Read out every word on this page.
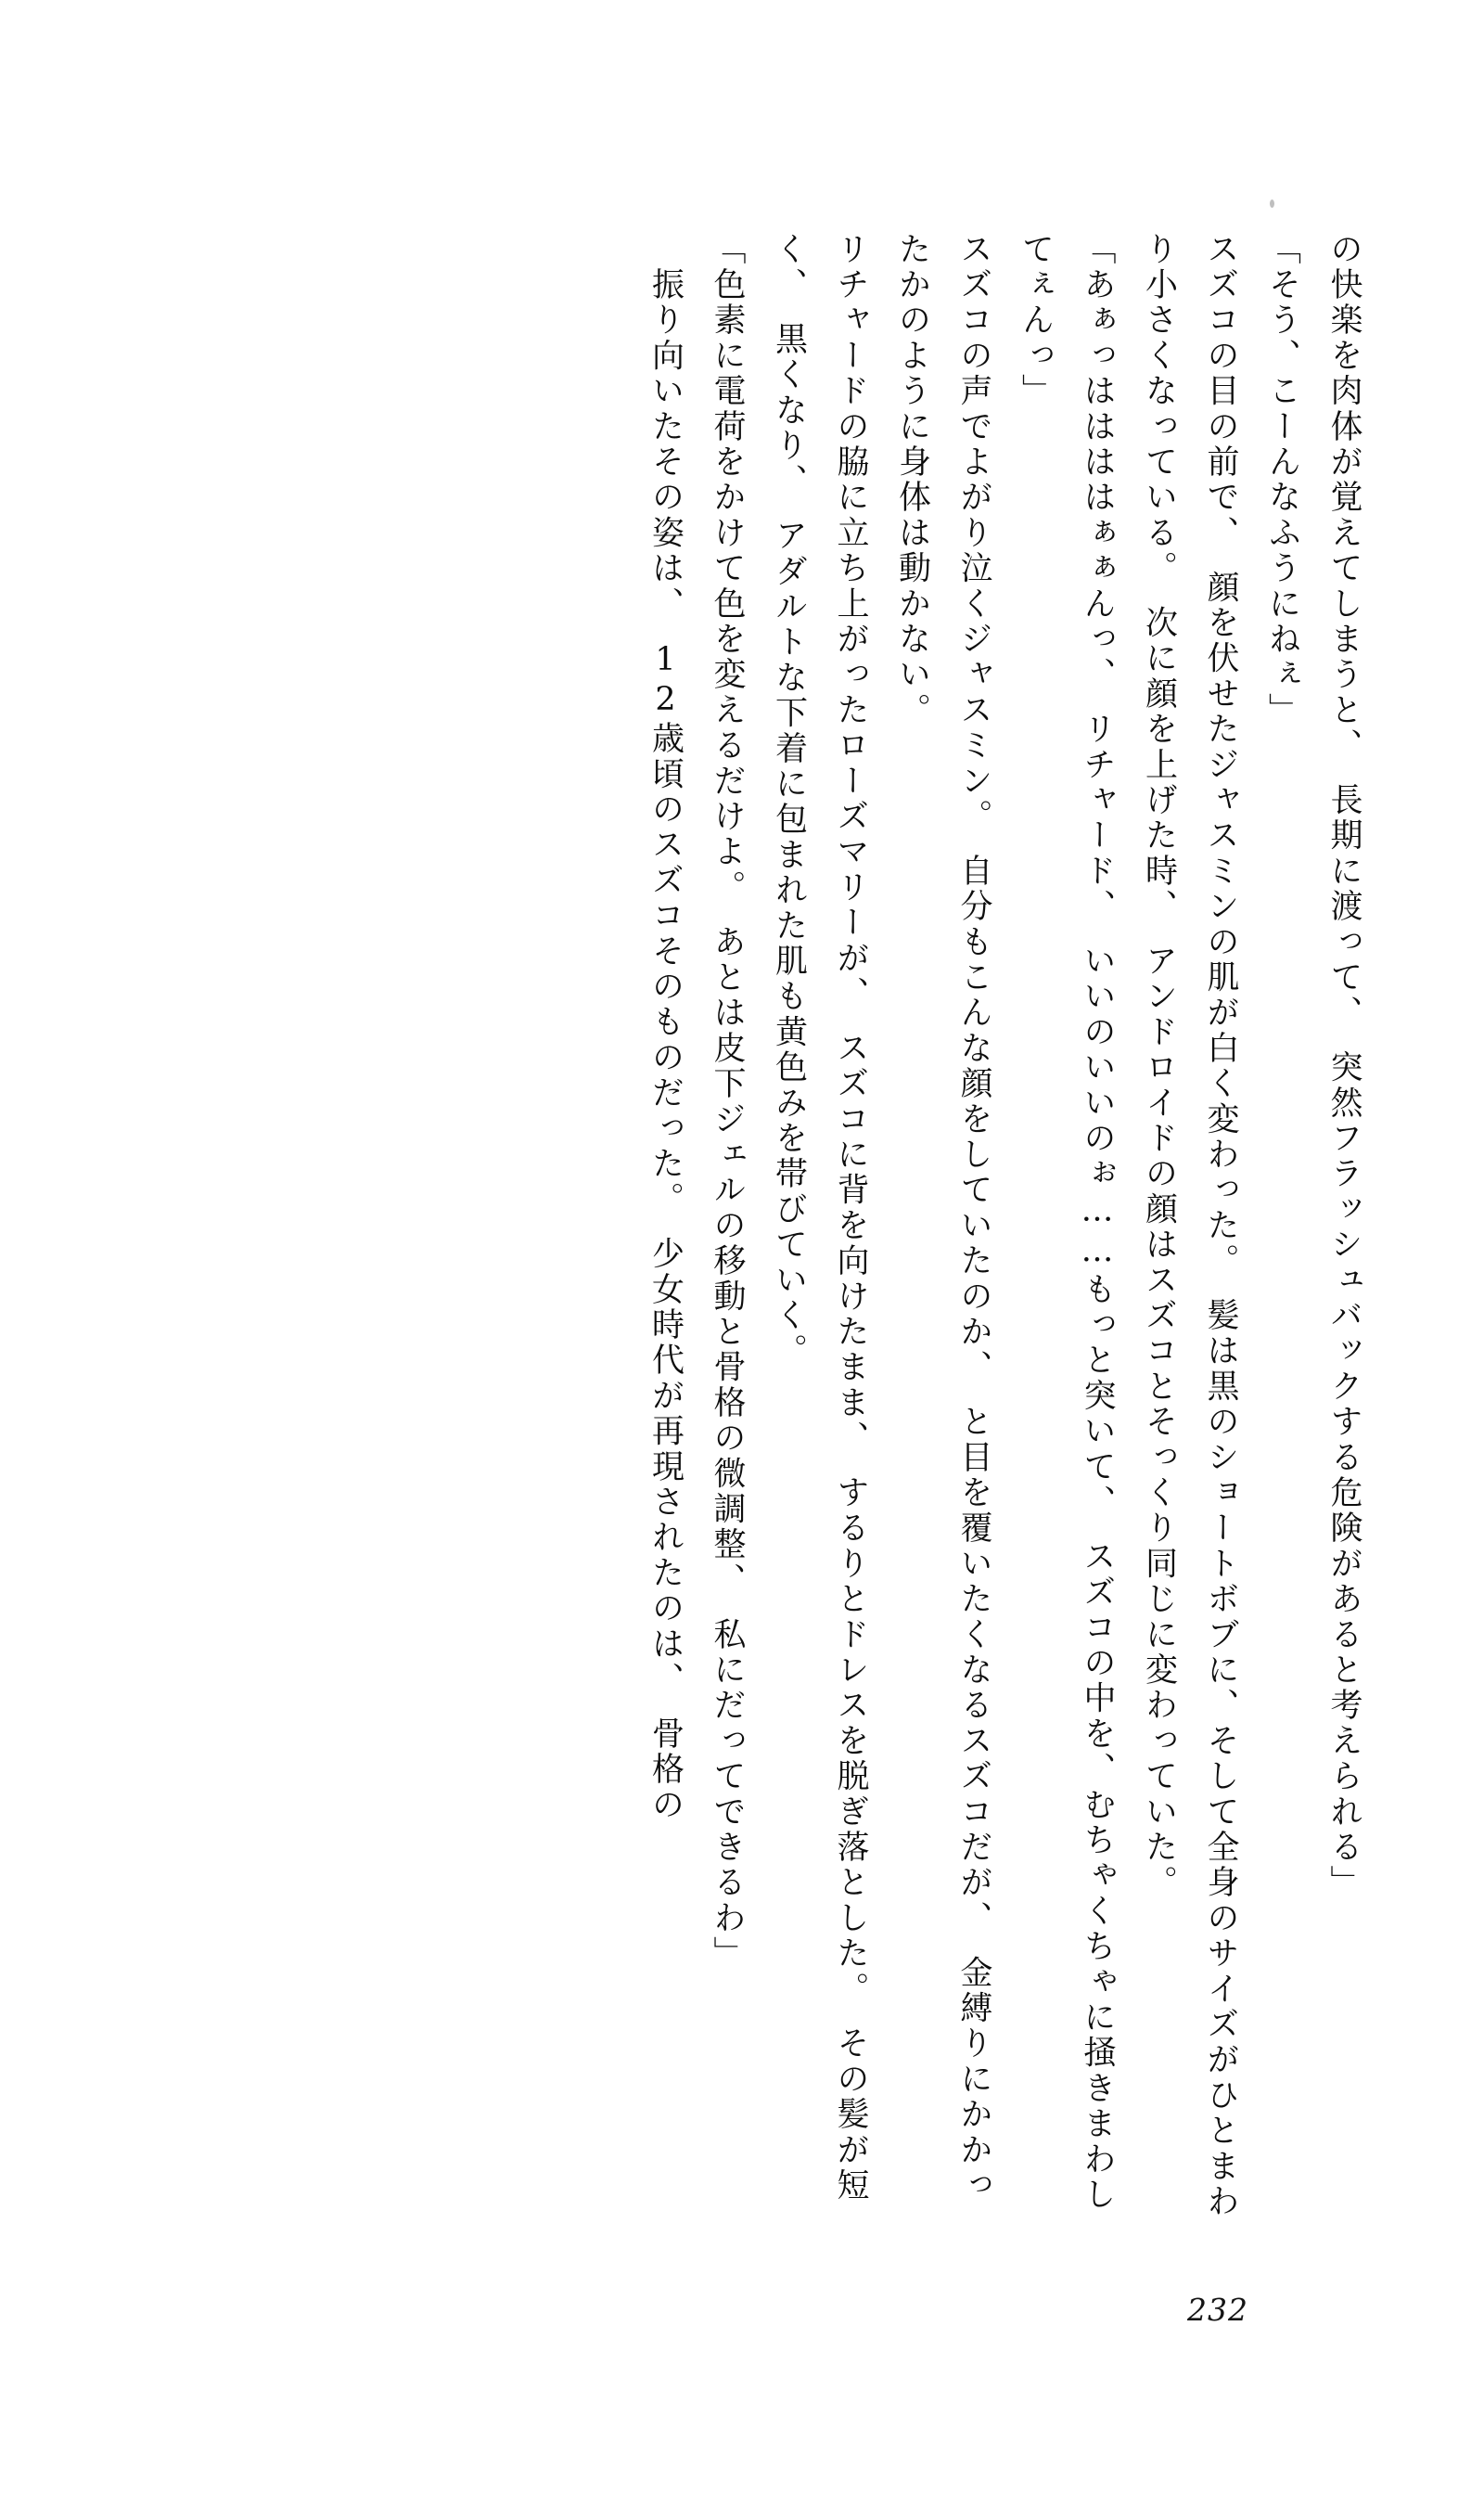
の快楽を肉体が覚えてしまうと、　長期に渡って、　突然フラッシュバックする危険があると考えられる」

「そう、こーんなふうにねぇ」

スズコの目の前で、　顔を伏せたジャスミンの肌が白く変わった。　髪は黒のショートボブに、そして全身のサイズがひとまわり小さくなっている。　次に顔を上げた時、　アンドロイドの顔はスズコとそっくり同じに変わっていた。

「あぁっははははぁぁんっ、　リチャード、　いいのいいのぉ……もっと突いて、　スズコの中を、むちゃくちゃに掻きまわしてぇんっ」

スズコの声でよがり泣くジャスミン。　自分もこんな顔をしていたのか、　と目を覆いたくなるスズコだが、　金縛りにかかったかのように身体は動かない。

リチャードの脇に立ち上がったローズマリーが、　スズコに背を向けたまま、　するりとドレスを脱ぎ落とした。　その髪が短く、　黒くなり、　アダルトな下着に包まれた肌も黄色みを帯びていく。

「色素に電荷をかけて色を変えるだけよ。　あとは皮下ジェルの移動と骨格の微調整、　私にだってできるわ」

　振り向いたその姿は、　12歳頃のスズコそのものだった。　少女時代が再現されたのは、　骨格の

232
